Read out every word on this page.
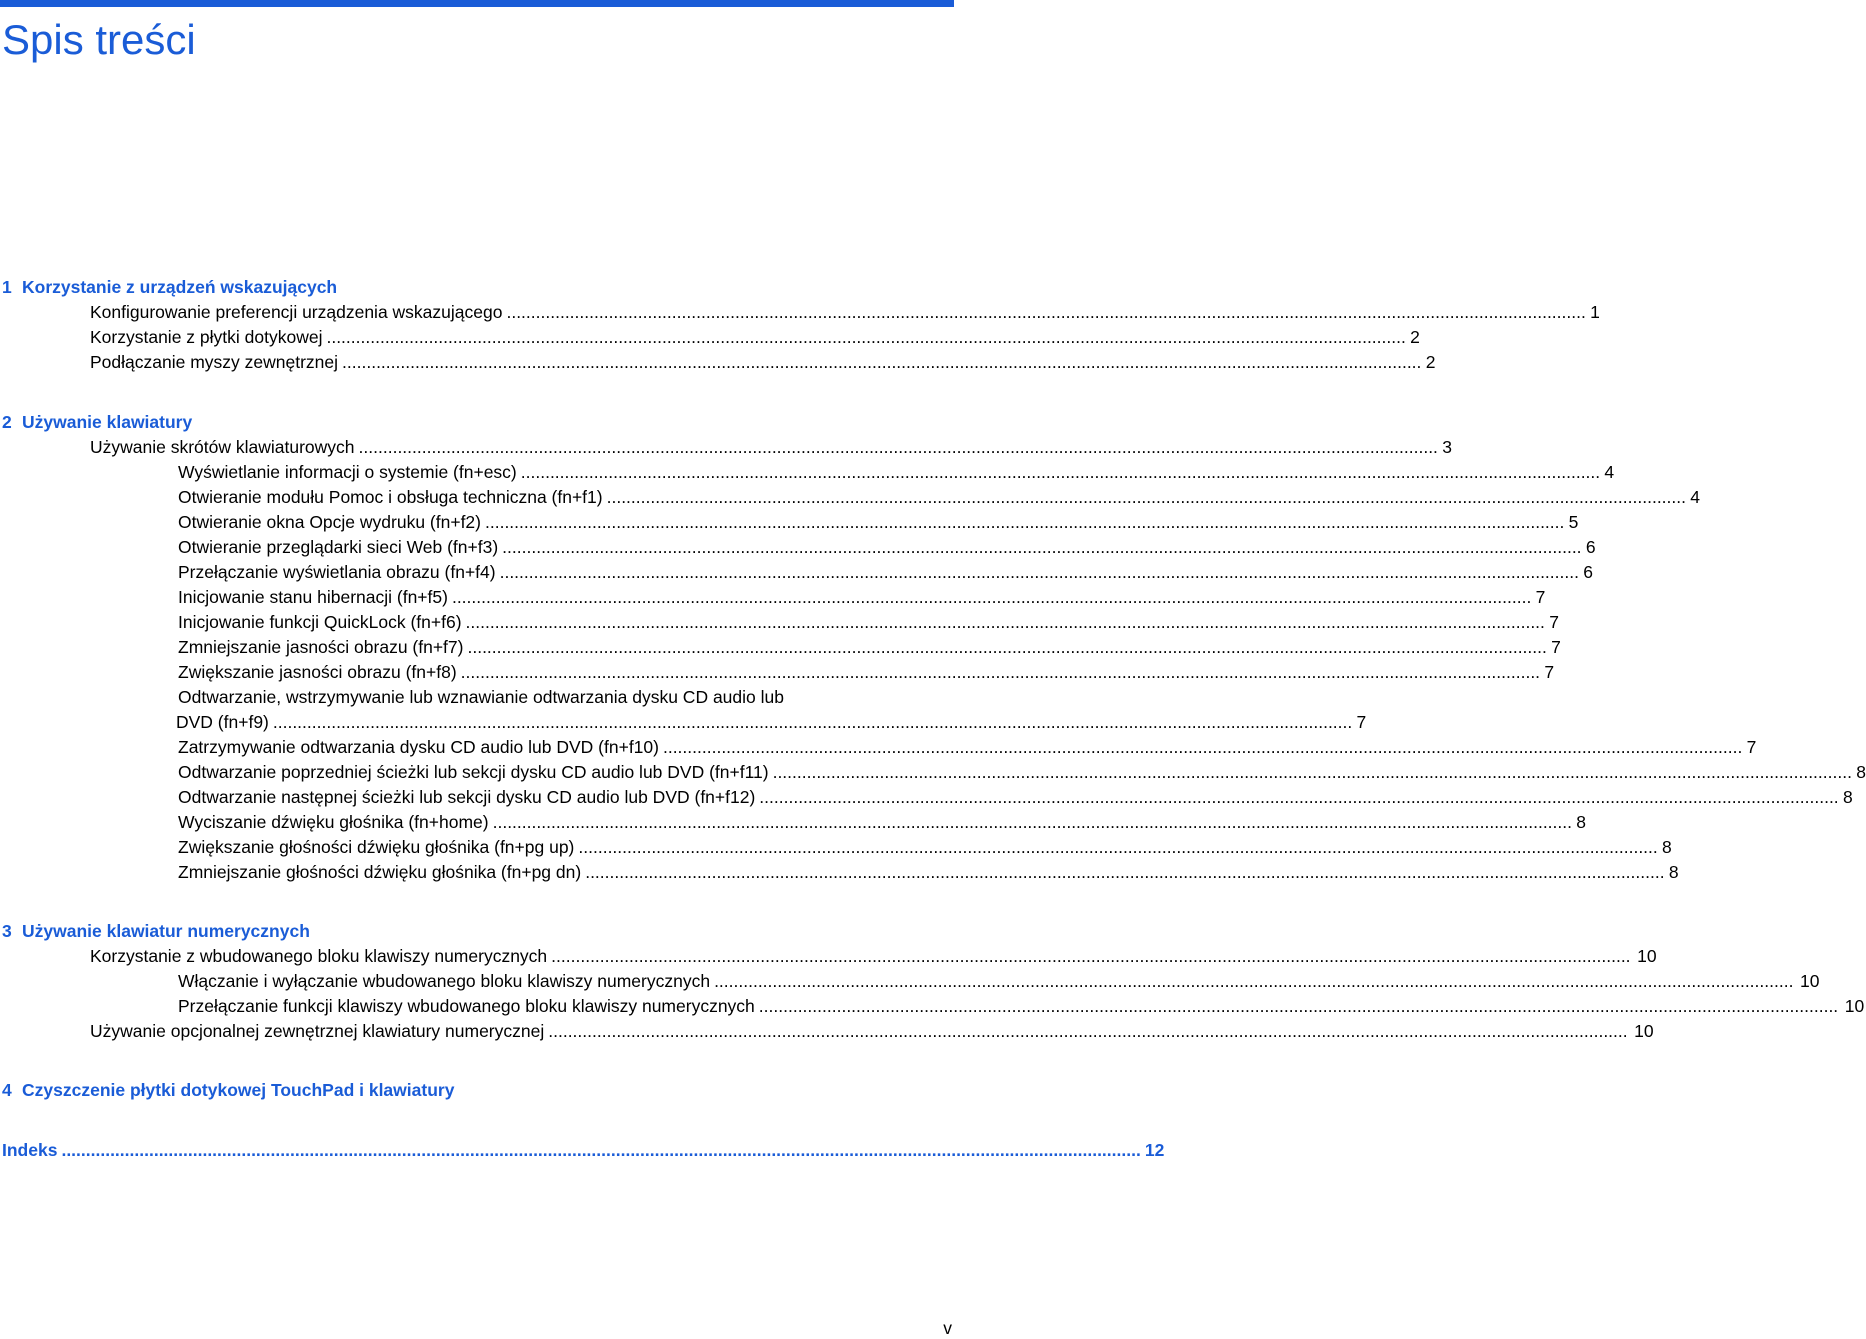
Spis treści
1 Korzystanie z urządzeń wskazujących
Konfigurowanie preferencji urządzenia wskazującego .............................................................................................................................................................................................................................. 1
Korzystanie z płytki dotykowej .............................................................................................................................................................................................................................. 2
Podłączanie myszy zewnętrznej .............................................................................................................................................................................................................................. 2
2 Używanie klawiatury
Używanie skrótów klawiaturowych .............................................................................................................................................................................................................................. 3
Wyświetlanie informacji o systemie (fn+esc) .............................................................................................................................................................................................................................. 4
Otwieranie modułu Pomoc i obsługa techniczna (fn+f1) .............................................................................................................................................................................................................................. 4
Otwieranie okna Opcje wydruku (fn+f2) .............................................................................................................................................................................................................................. 5
Otwieranie przeglądarki sieci Web (fn+f3) .............................................................................................................................................................................................................................. 6
Przełączanie wyświetlania obrazu (fn+f4) .............................................................................................................................................................................................................................. 6
Inicjowanie stanu hibernacji (fn+f5) .............................................................................................................................................................................................................................. 7
Inicjowanie funkcji QuickLock (fn+f6) .............................................................................................................................................................................................................................. 7
Zmniejszanie jasności obrazu (fn+f7) .............................................................................................................................................................................................................................. 7
Zwiększanie jasności obrazu (fn+f8) .............................................................................................................................................................................................................................. 7
Odtwarzanie, wstrzymywanie lub wznawianie odtwarzania dysku CD audio lub
DVD (fn+f9) .............................................................................................................................................................................................................................. 7
Zatrzymywanie odtwarzania dysku CD audio lub DVD (fn+f10) .............................................................................................................................................................................................................................. 7
Odtwarzanie poprzedniej ścieżki lub sekcji dysku CD audio lub DVD (fn+f11) .............................................................................................................................................................................................................................. 8
Odtwarzanie następnej ścieżki lub sekcji dysku CD audio lub DVD (fn+f12) .............................................................................................................................................................................................................................. 8
Wyciszanie dźwięku głośnika (fn+home) .............................................................................................................................................................................................................................. 8
Zwiększanie głośności dźwięku głośnika (fn+pg up) .............................................................................................................................................................................................................................. 8
Zmniejszanie głośności dźwięku głośnika (fn+pg dn) .............................................................................................................................................................................................................................. 8
3 Używanie klawiatur numerycznych
Korzystanie z wbudowanego bloku klawiszy numerycznych .............................................................................................................................................................................................................................. 10
Włączanie i wyłączanie wbudowanego bloku klawiszy numerycznych .............................................................................................................................................................................................................................. 10
Przełączanie funkcji klawiszy wbudowanego bloku klawiszy numerycznych .............................................................................................................................................................................................................................. 10
Używanie opcjonalnej zewnętrznej klawiatury numerycznej .............................................................................................................................................................................................................................. 10
4 Czyszczenie płytki dotykowej TouchPad i klawiatury
Indeks .............................................................................................................................................................................................................................. 12
v
